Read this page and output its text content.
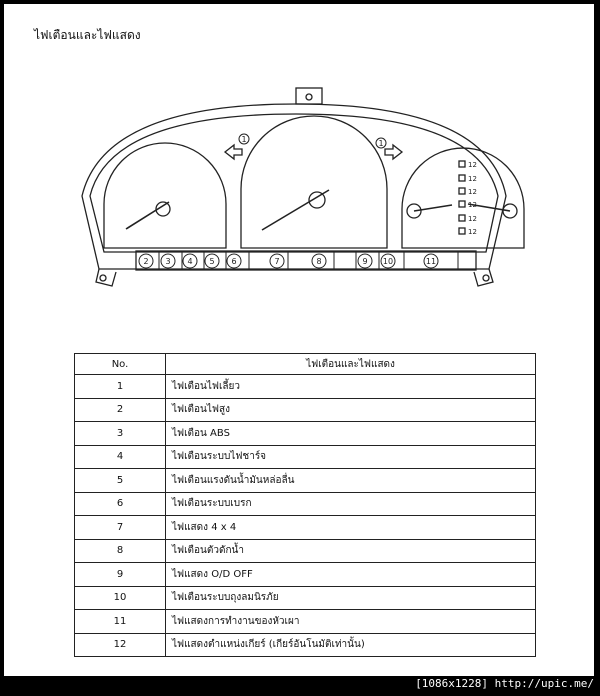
ไฟเตือนและไฟแสดง
2 3 4 5 6	7	8	9 10	11
1	1
12
12
12
12
12
12
No.	ไฟเตือนและไฟแสดง
1	ไฟเตือนไฟเลี้ยว
2	ไฟเตือนไฟสูง
3	ไฟเตือน ABS
4	ไฟเตือนระบบไฟชาร์จ
5	ไฟเตือนแรงดันน้ำมันหล่อลื่น
6	ไฟเตือนระบบเบรก
7	ไฟแสดง 4 x 4
8	ไฟเตือนตัวดักน้ำ
9	ไฟแสดง O/D OFF
10	ไฟเตือนระบบถุงลมนิรภัย
11	ไฟแสดงการทำงานของหัวเผา
12	ไฟแสดงตำแหน่งเกียร์ (เกียร์อันโนมัติเท่านั้น)
[1086x1228] http://upic.me/
